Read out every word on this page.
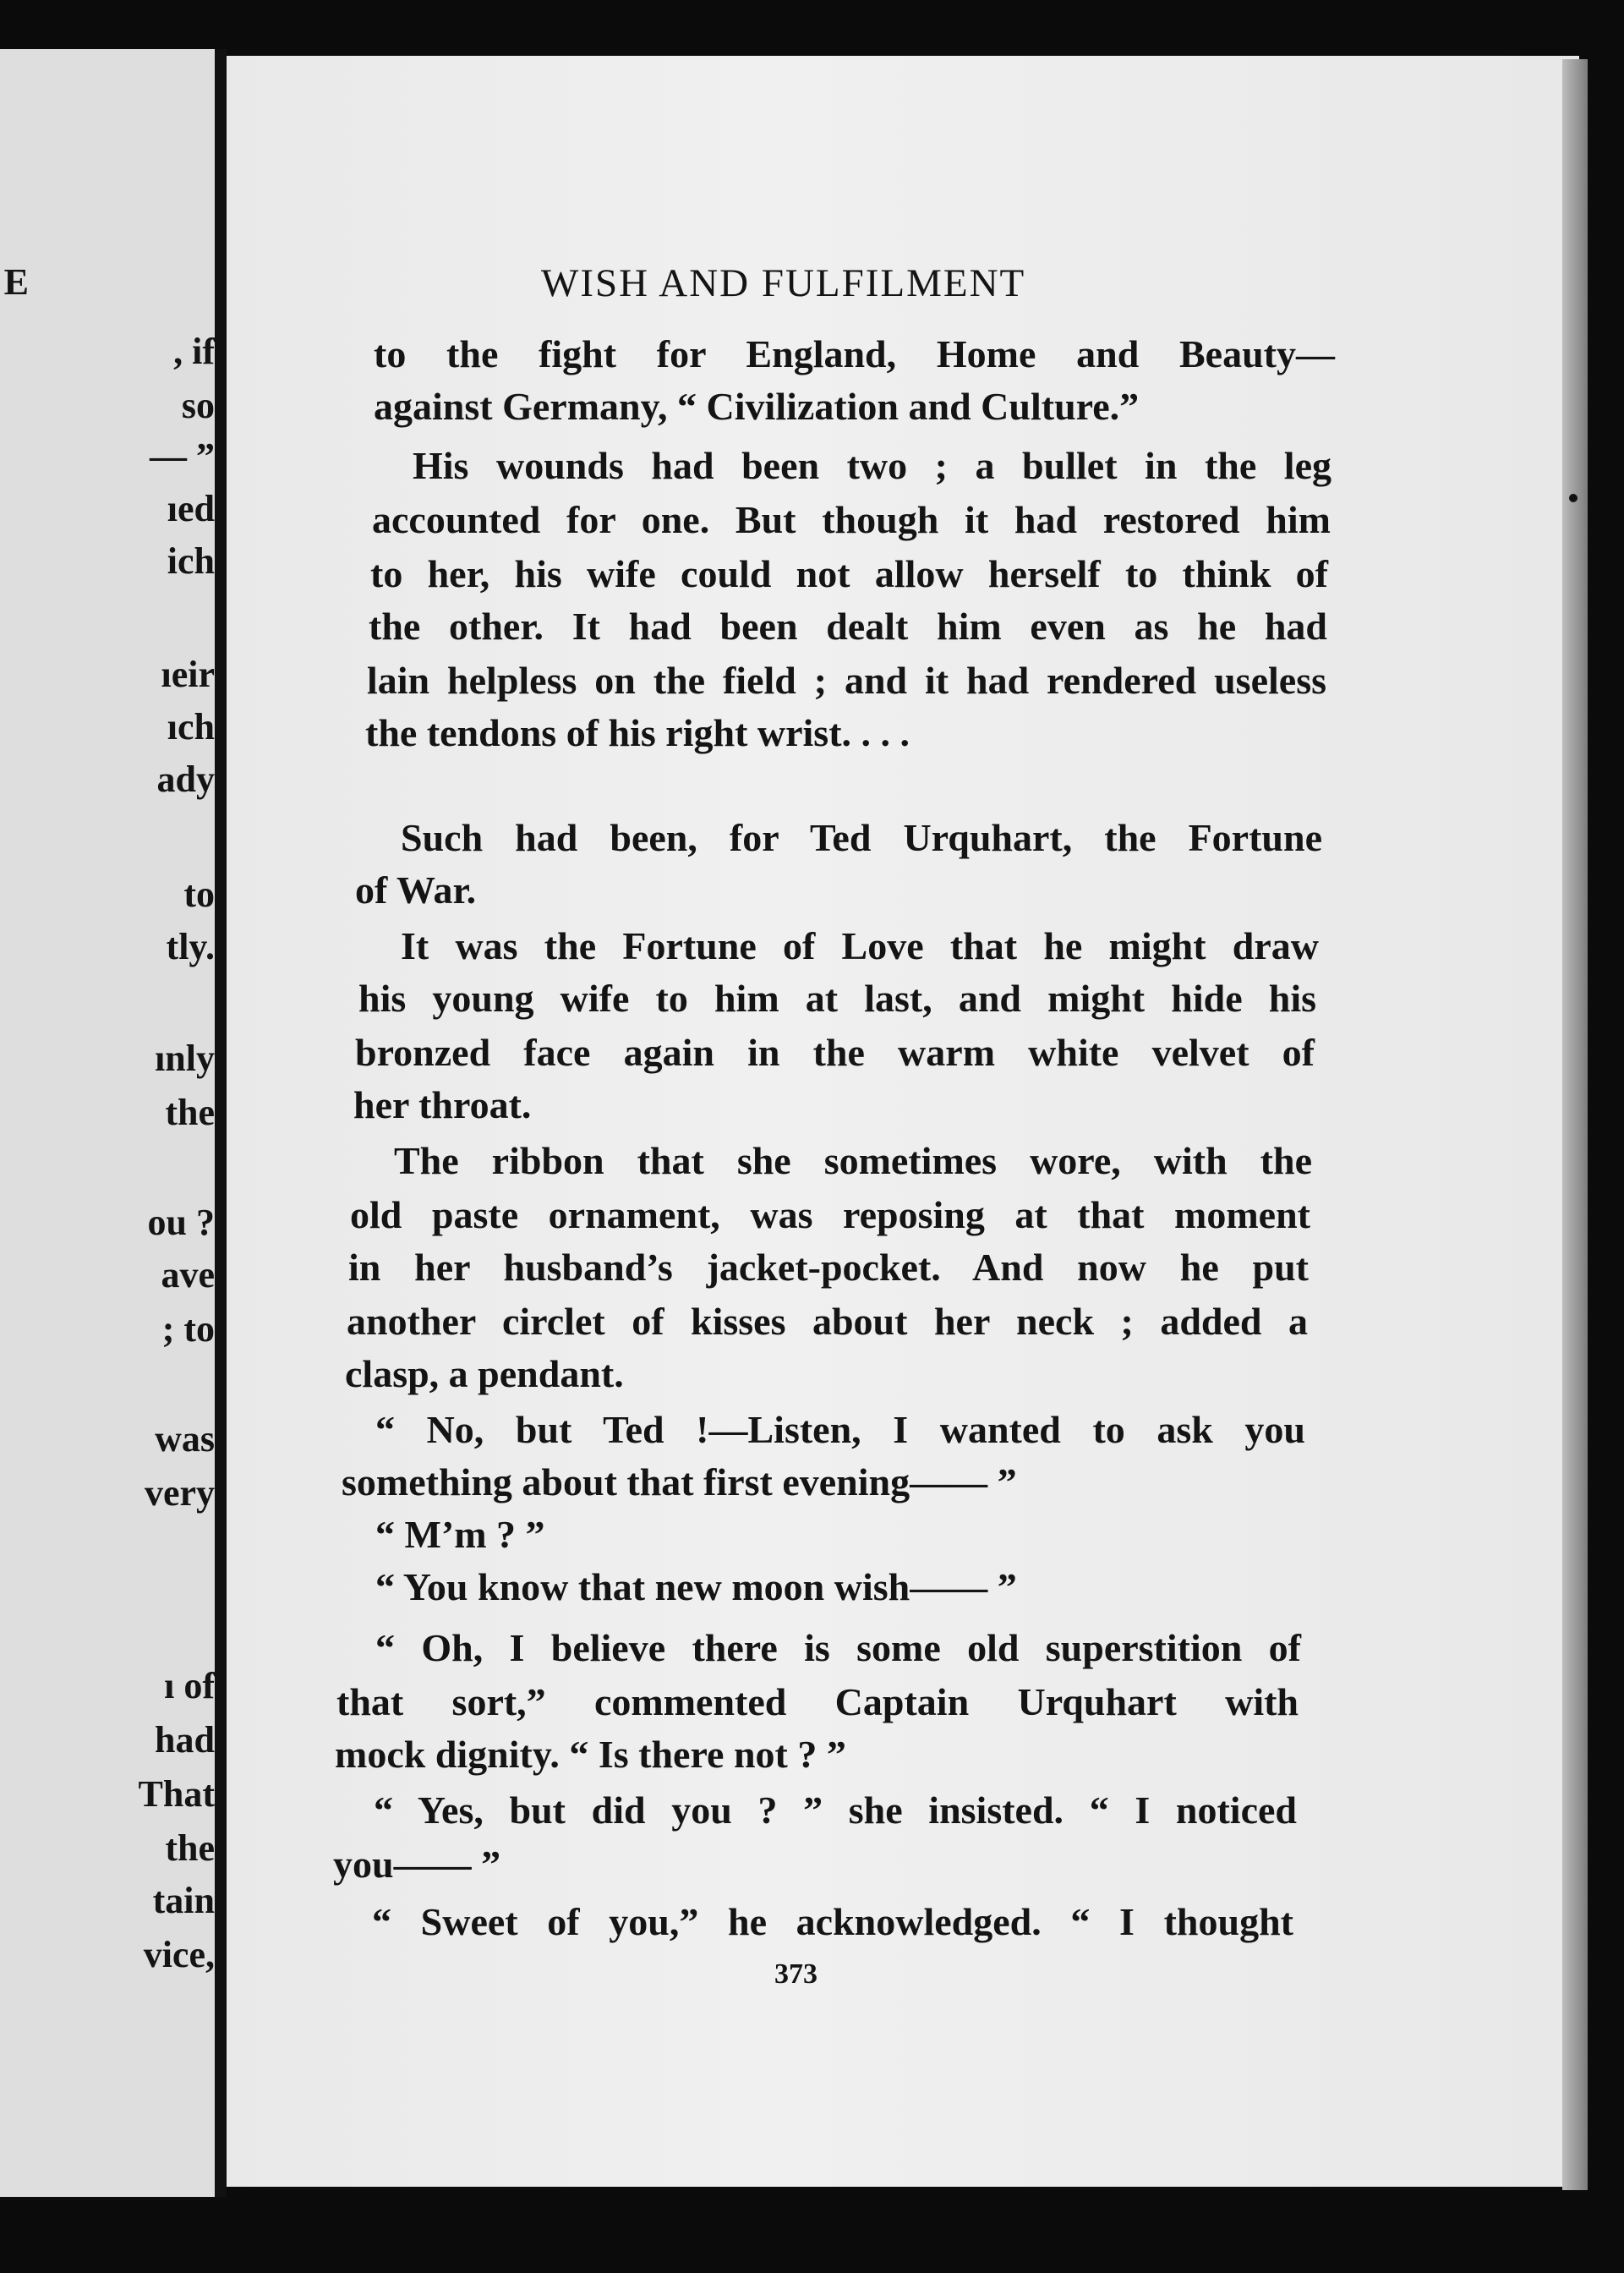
E
, if
so
— ”
ıed
ich
ıeir
ıch
ady
to
tly.
ınly
the
ou ?
ave
; to
was
very
ı of
had
That
the
tain
vice,
WISH AND FULFILMENT
to the fight for England, Home and Beauty—
against Germany, “ Civilization and Culture.”
His wounds had been two ; a bullet in the leg
accounted for one. But though it had restored him
to her, his wife could not allow herself to think of
the other. It had been dealt him even as he had
lain helpless on the field ; and it had rendered useless
the tendons of his right wrist. . . .
Such had been, for Ted Urquhart, the Fortune
of War.
It was the Fortune of Love that he might draw
his young wife to him at last, and might hide his
bronzed face again in the warm white velvet of
her throat.
The ribbon that she sometimes wore, with the
old paste ornament, was reposing at that moment
in her husband’s jacket-pocket. And now he put
another circlet of kisses about her neck ; added a
clasp, a pendant.
“ No, but Ted !—Listen, I wanted to ask you
something about that first evening—— ”
“ M’m ? ”
“ You know that new moon wish—— ”
“ Oh, I believe there is some old superstition of
that sort,” commented Captain Urquhart with
mock dignity. “ Is there not ? ”
“ Yes, but did you ? ” she insisted. “ I noticed
you—— ”
“ Sweet of you,” he acknowledged. “ I thought
373
